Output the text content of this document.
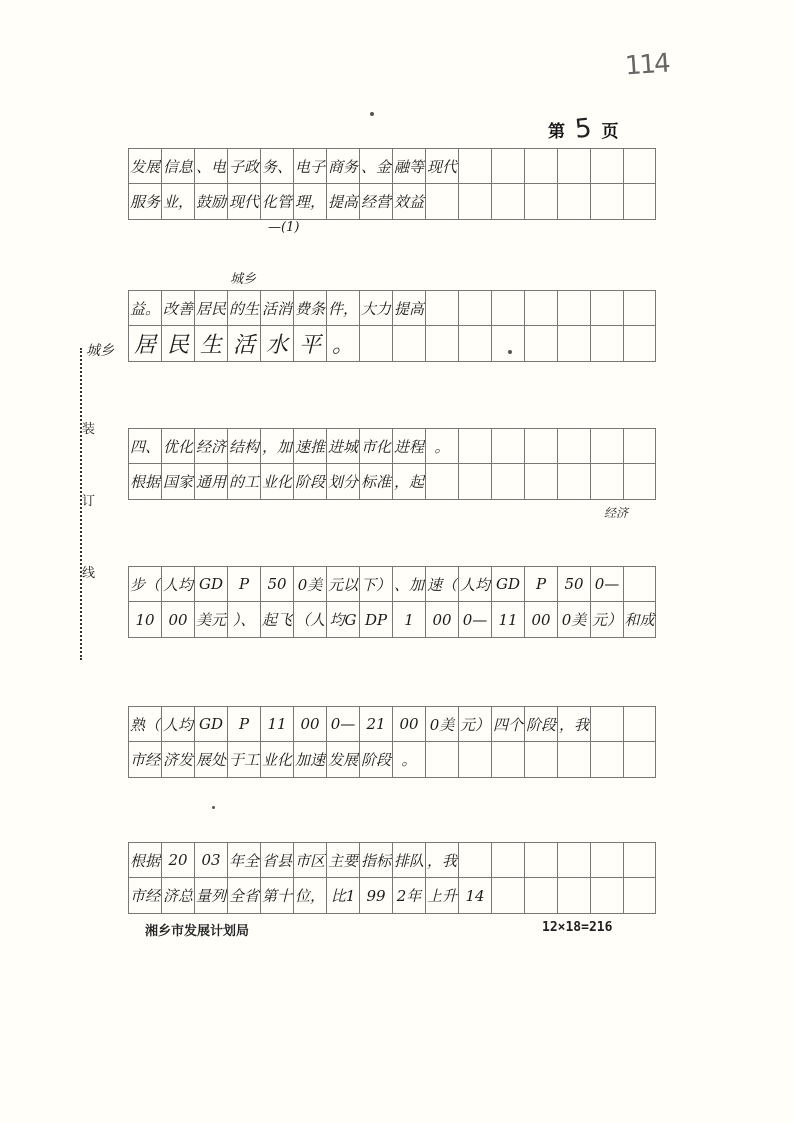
114
第 5 页
装
订
线
发展 信息 、电 子政 务、 电子 商务 、金 融等 现代
服务 业， 鼓励 现代 化管 理， 提高 经营 效益
益。 改善 居民 的生 活消 费条 件， 大力 提高
居 民 生 活 水 平 。
四、 优化 经济 结构 ，加 速推 进城 市化 进程 。
根据 国家 通用 的工 业化 阶段 划分 标准 ，起
步（ 人均 GD	P	50 0美 元以 下） 、加 速（ 人均 GD	P	50 0—
10 00 美元 ）、 起飞 （人 均G DP	1	00 0— 11 00 0美 元） 和成
熟（ 人均 GD	P	11 00 0— 21 00 0美 元） 四个 阶段 ，我
市经 济发 展处 于工 业化 加速 发展 阶段 。
根据 20 03 年全 省县 市区 主要 指标 排队 ，我
市经 济总 量列 全省 第十 位， 比1 99 2年 上升 14
—(1)
城乡
城乡
经济
湘乡市发展计划局	12×18=216
